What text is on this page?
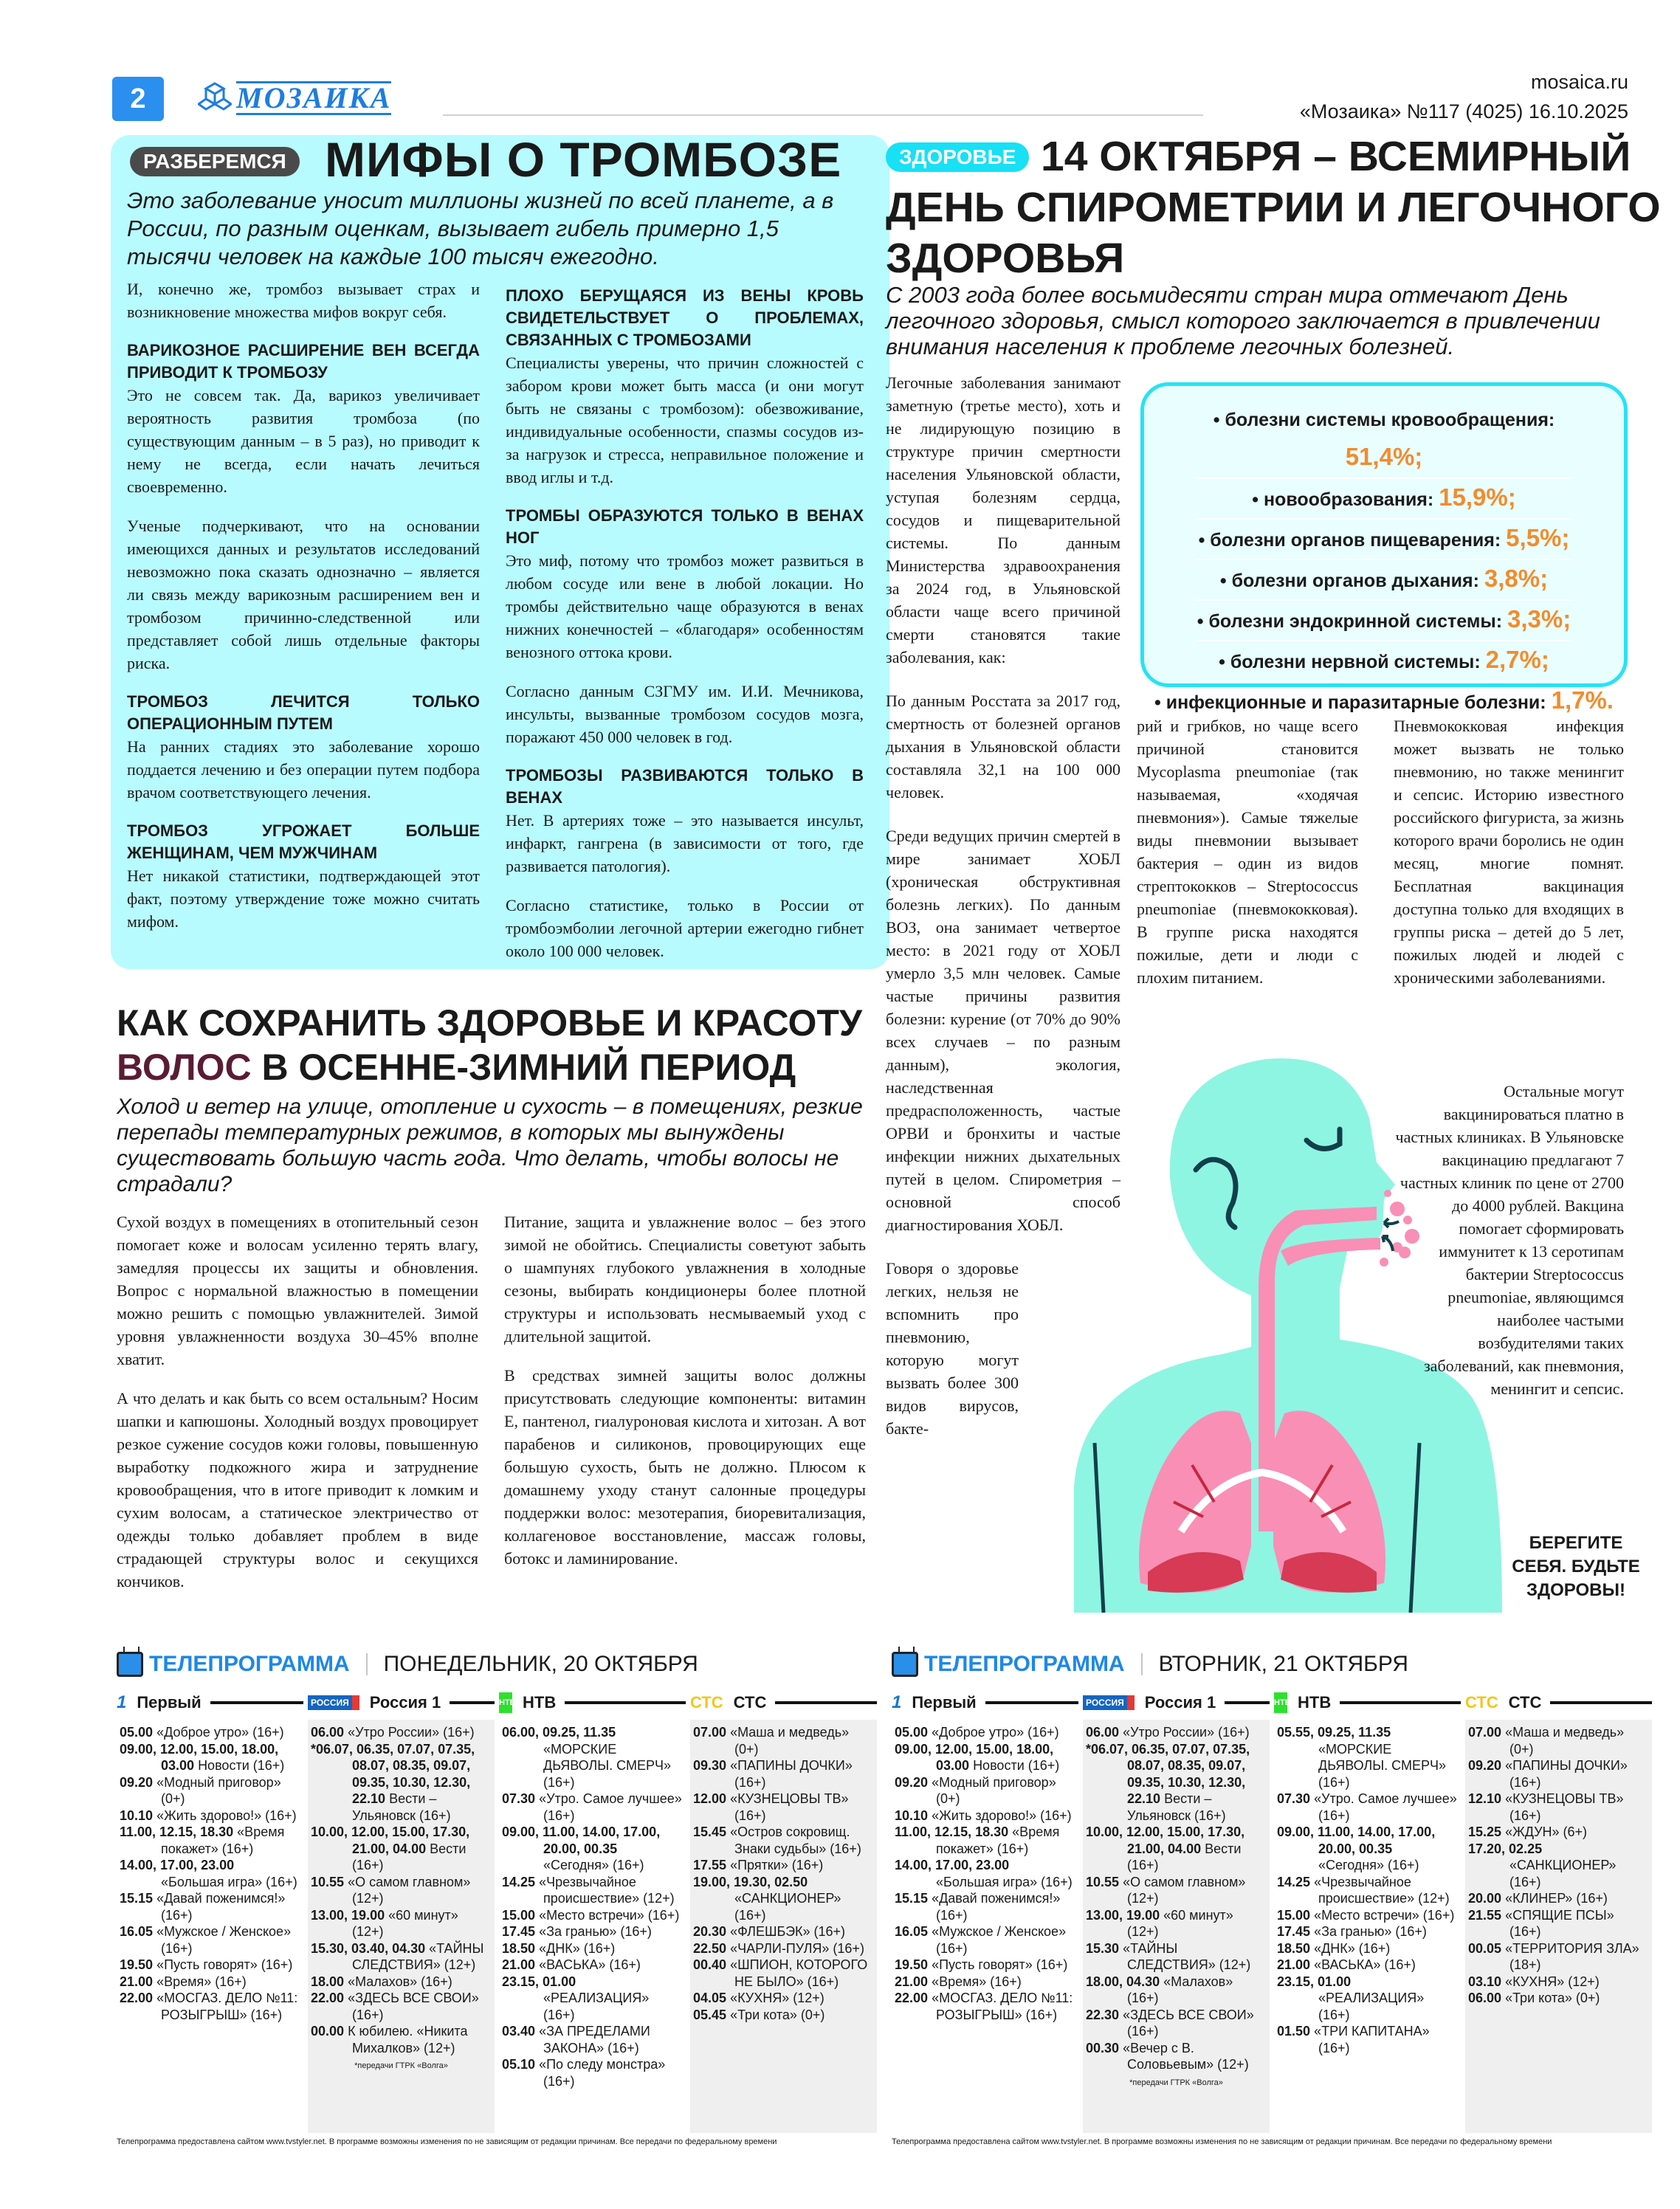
2	МОЗАИКА	mosaica.ru
«Мозаика» №117 (4025) 16.10.2025
РАЗБЕРЕМСЯ МИФЫ О ТРОМБОЗЕ
Это заболевание уносит миллионы жизней по всей планете, а в России, по разным оценкам, вызывает гибель примерно 1,5 тысячи человек на каждые 100 тысяч ежегодно.

И, конечно же, тромбоз вызывает страх и возникновение множества мифов вокруг себя.

ВАРИКОЗНОЕ РАСШИРЕНИЕ ВЕН ВСЕГДА ПРИВОДИТ К ТРОМБОЗУ

Это не совсем так. Да, варикоз увеличивает вероятность развития тромбоза (по существующим данным – в 5 раз), но приводит к нему не всегда, если начать лечиться своевременно.

Ученые подчеркивают, что на основании имеющихся данных и результатов исследований невозможно пока сказать однозначно – является ли связь между варикозным расширением вен и тромбозом причинно-следственной или представляет собой лишь отдельные факторы риска.

ТРОМБОЗ ЛЕЧИТСЯ ТОЛЬКО ОПЕРАЦИОННЫМ ПУТЕМ

На ранних стадиях это заболевание хорошо поддается лечению и без операции путем подбора врачом соответствующего лечения.

ТРОМБОЗ УГРОЖАЕТ БОЛЬШЕ ЖЕНЩИНАМ, ЧЕМ МУЖЧИНАМ

Нет никакой статистики, подтверждающей этот факт, поэтому утверждение тоже можно считать мифом.

ПЛОХО БЕРУЩАЯСЯ ИЗ ВЕНЫ КРОВЬ СВИДЕТЕЛЬСТВУЕТ О ПРОБЛЕМАХ, СВЯЗАННЫХ С ТРОМБОЗАМИ

Специалисты уверены, что причин сложностей с забором крови может быть масса (и они могут быть не связаны с тромбозом): обезвоживание, индивидуальные особенности, спазмы сосудов из-за нагрузок и стресса, неправильное положение и ввод иглы и т.д.

ТРОМБЫ ОБРАЗУЮТСЯ ТОЛЬКО В ВЕНАХ НОГ

Это миф, потому что тромбоз может развиться в любом сосуде или вене в любой локации. Но тромбы действительно чаще образуются в венах нижних конечностей – «благодаря» особенностям венозного оттока крови.

Согласно данным СЗГМУ им. И.И. Мечникова, инсульты, вызванные тромбозом сосудов мозга, поражают 450 000 человек в год.

ТРОМБОЗЫ РАЗВИВАЮТСЯ ТОЛЬКО В ВЕНАХ

Нет. В артериях тоже – это называется инсульт, инфаркт, гангрена (в зависимости от того, где развивается патология).

Согласно статистике, только в России от тромбоэмболии легочной артерии ежегодно гибнет около 100 000 человек.

14 ОКТЯБРЯ – ВСЕМИРНЫЙ ДЕНЬ СПИРОМЕТРИИ И ЛЕГОЧНОГО ЗДОРОВЬЯ
ЗДОРОВЬЕ
С 2003 года более восьмидесяти стран мира отмечают День легочного здоровья, смысл которого заключается в привлечении внимания населения к проблеме легочных болезней.

Легочные заболевания занимают заметную (третье место), хоть и не лидирующую позицию в структуре причин смертности населения Ульяновской области, уступая болезням сердца, сосудов и пищеварительной системы. По данным Министерства здравоохранения за 2024 год, в Ульяновской области чаще всего причиной смерти становятся такие заболевания, как:

По данным Росстата за 2017 год, смертность от болезней органов дыхания в Ульяновской области составляла 32,1 на 100 000 человек.

Среди ведущих причин смертей в мире занимает ХОБЛ (хроническая обструктивная болезнь легких). По данным ВОЗ, она занимает четвертое место: в 2021 году от ХОБЛ умерло 3,5 млн человек. Самые частые причины развития болезни: курение (от 70% до 90% всех случаев – по разным данным), экология, наследственная предрасположенность, частые ОРВИ и бронхиты и частые инфекции нижних дыхательных путей в целом. Спирометрия – основной способ диагностирования ХОБЛ.

Говоря о здоровье легких, нельзя не вспомнить про пневмонию, которую могут вызвать более 300 видов вирусов, бакте-

• болезни системы кровообращения: 51,4%;
• новообразования: 15,9%;
• болезни органов пищеварения: 5,5%;
• болезни органов дыхания: 3,8%;
• болезни эндокринной системы: 3,3%;
• болезни нервной системы: 2,7%;
• инфекционные и паразитарные болезни: 1,7%.

рий и грибков, но чаще всего причиной становится Mycoplasma pneumoniae (так называемая, «ходячая пневмония»). Самые тяжелые виды пневмонии вызывает бактерия – один из видов стрептококков – Streptococcus pneumoniae (пневмококковая). В группе риска находятся пожилые, дети и люди с плохим питанием.

Пневмококковая инфекция может вызвать не только пневмонию, но также менингит и сепсис. Историю известного российского фигуриста, за жизнь которого врачи боролись не один месяц, многие помнят. Бесплатная вакцинация доступна только для входящих в группы риска – детей до 5 лет, пожилых людей и людей с хроническими заболеваниями.

Остальные могут вакцинироваться платно в частных клиниках. В Ульяновске вакцинацию предлагают 7 частных клиник по цене от 2700 до 4000 рублей. Вакцина помогает сформировать иммунитет к 13 серотипам бактерии Streptococcus pneumoniae, являющимся наиболее частыми возбудителями таких заболеваний, как пневмония, менингит и сепсис.

БЕРЕГИТЕ СЕБЯ. БУДЬТЕ ЗДОРОВЫ!
КАК СОХРАНИТЬ ЗДОРОВЬЕ И КРАСОТУ
ВОЛОС В ОСЕННЕ-ЗИМНИЙ ПЕРИОД
Холод и ветер на улице, отопление и сухость – в помещениях, резкие перепады температурных режимов, в которых мы вынуждены существовать большую часть года. Что делать, чтобы волосы не страдали?

Сухой воздух в помещениях в отопительный сезон помогает коже и волосам усиленно терять влагу, замедляя процессы их защиты и обновления. Вопрос с нормальной влажностью в помещении можно решить с помощью увлажнителей. Зимой уровня увлажненности воздуха 30–45% вполне хватит.

А что делать и как быть со всем остальным? Носим шапки и капюшоны. Холодный воздух провоцирует резкое сужение сосудов кожи головы, повышенную выработку подкожного жира и затруднение кровообращения, что в итоге приводит к ломким и сухим волосам, а статическое электричество от одежды только добавляет проблем в виде страдающей структуры волос и секущихся кончиков.

Питание, защита и увлажнение волос – без этого зимой не обойтись. Специалисты советуют забыть о шампунях глубокого увлажнения в холодные сезоны, выбирать кондиционеры более плотной структуры и использовать несмываемый уход с длительной защитой.

В средствах зимней защиты волос должны присутствовать следующие компоненты: витамин Е, пантенол, гиалуроновая кислота и хитозан. А вот парабенов и силиконов, провоцирующих еще большую сухость, быть не должно. Плюсом к домашнему уходу станут салонные процедуры поддержки волос: мезотерапия, биоревитализация, коллагеновое восстановление, массаж головы, ботокс и ламинирование.

ТЕЛЕПРОГРАММА ПОНЕДЕЛЬНИК, 20 ОКТЯБРЯ
1 Первый
05.00 «Доброе утро» (16+)
09.00, 12.00, 15.00, 18.00, 03.00 Новости (16+)
09.20 «Модный приговор» (0+)
10.10 «Жить здорово!» (16+)
11.00, 12.15, 18.30 «Время покажет» (16+)
14.00, 17.00, 23.00 «Большая игра» (16+)
15.15 «Давай поженимся!» (16+)
16.05 «Мужское / Женское» (16+)
19.50 «Пусть говорят» (16+)
21.00 «Время» (16+)
22.00 «МОСГАЗ. ДЕЛО №11: РОЗЫГРЫШ» (16+)
РОССИЯ	Россия 1
06.00 «Утро России» (16+)
*06.07, 06.35, 07.07, 07.35, 08.07, 08.35, 09.07, 09.35, 10.30, 12.30, 22.10 Вести – Ульяновск (16+)
10.00, 12.00, 15.00, 17.30, 21.00, 04.00 Вести (16+)
10.55 «О самом главном» (12+)
13.00, 19.00 «60 минут» (12+)
15.30, 03.40, 04.30 «ТАЙНЫ СЛЕДСТВИЯ» (12+)
18.00 «Малахов» (16+)
22.00 «ЗДЕСЬ ВСЕ СВОИ» (16+)
00.00 К юбилею. «Никита Михалков» (12+)
*передачи ГТРК «Волга»
НТВ НТВ
06.00, 09.25, 11.35 «МОРСКИЕ ДЬЯВОЛЫ. СМЕРЧ» (16+)
07.30 «Утро. Самое лучшее» (16+)
09.00, 11.00, 14.00, 17.00, 20.00, 00.35 «Сегодня» (16+)
14.25 «Чрезвычайное происшествие» (12+)
15.00 «Место встречи» (16+)
17.45 «За гранью» (16+)
18.50 «ДНК» (16+)
21.00 «ВАСЬКА» (16+)
23.15, 01.00 «РЕАЛИЗАЦИЯ» (16+)
03.40 «ЗА ПРЕДЕЛАМИ ЗАКОНА» (16+)
05.10 «По следу монстра» (16+)
СТС СТС
07.00 «Маша и медведь» (0+)
09.30 «ПАПИНЫ ДОЧКИ» (16+)
12.00 «КУЗНЕЦОВЫ ТВ» (16+)
15.45 «Остров сокровищ. Знаки судьбы» (16+)
17.55 «Прятки» (16+)
19.00, 19.30, 02.50 «САНКЦИОНЕР» (16+)
20.30 «ФЛЕШБЭК» (16+)
22.50 «ЧАРЛИ-ПУЛЯ» (16+)
00.40 «ШПИОН, КОТОРОГО НЕ БЫЛО» (16+)
04.05 «КУХНЯ» (12+)
05.45 «Три кота» (0+)
Телепрограмма предоставлена сайтом www.tvstyler.net. В программе возможны изменения по не зависящим от редакции причинам. Все передачи по федеральному времени
ТЕЛЕПРОГРАММА ВТОРНИК, 21 ОКТЯБРЯ
1 Первый
05.00 «Доброе утро» (16+)
09.00, 12.00, 15.00, 18.00, 03.00 Новости (16+)
09.20 «Модный приговор» (0+)
10.10 «Жить здорово!» (16+)
11.00, 12.15, 18.30 «Время покажет» (16+)
14.00, 17.00, 23.00 «Большая игра» (16+)
15.15 «Давай поженимся!» (16+)
16.05 «Мужское / Женское» (16+)
19.50 «Пусть говорят» (16+)
21.00 «Время» (16+)
22.00 «МОСГАЗ. ДЕЛО №11: РОЗЫГРЫШ» (16+)
РОССИЯ	Россия 1
06.00 «Утро России» (16+)
*06.07, 06.35, 07.07, 07.35, 08.07, 08.35, 09.07, 09.35, 10.30, 12.30, 22.10 Вести – Ульяновск (16+)
10.00, 12.00, 15.00, 17.30, 21.00, 04.00 Вести (16+)
10.55 «О самом главном» (12+)
13.00, 19.00 «60 минут» (12+)
15.30 «ТАЙНЫ СЛЕДСТВИЯ» (12+)
18.00, 04.30 «Малахов» (16+)
22.30 «ЗДЕСЬ ВСЕ СВОИ» (16+)
00.30 «Вечер с В. Соловьевым» (12+)
*передачи ГТРК «Волга»
НТВ НТВ
05.55, 09.25, 11.35 «МОРСКИЕ ДЬЯВОЛЫ. СМЕРЧ» (16+)
07.30 «Утро. Самое лучшее» (16+)
09.00, 11.00, 14.00, 17.00, 20.00, 00.35 «Сегодня» (16+)
14.25 «Чрезвычайное происшествие» (12+)
15.00 «Место встречи» (16+)
17.45 «За гранью» (16+)
18.50 «ДНК» (16+)
21.00 «ВАСЬКА» (16+)
23.15, 01.00 «РЕАЛИЗАЦИЯ» (16+)
01.50 «ТРИ КАПИТАНА» (16+)
СТС СТС
07.00 «Маша и медведь» (0+)
09.20 «ПАПИНЫ ДОЧКИ» (16+)
12.10 «КУЗНЕЦОВЫ ТВ» (16+)
15.25 «ЖДУН» (6+)
17.20, 02.25 «САНКЦИОНЕР» (16+)
20.00 «КЛИНЕР» (16+)
21.55 «СПЯЩИЕ ПСЫ» (16+)
00.05 «ТЕРРИТОРИЯ ЗЛА» (18+)
03.10 «КУХНЯ» (12+)
06.00 «Три кота» (0+)
Телепрограмма предоставлена сайтом www.tvstyler.net. В программе возможны изменения по не зависящим от редакции причинам. Все передачи по федеральному времени
